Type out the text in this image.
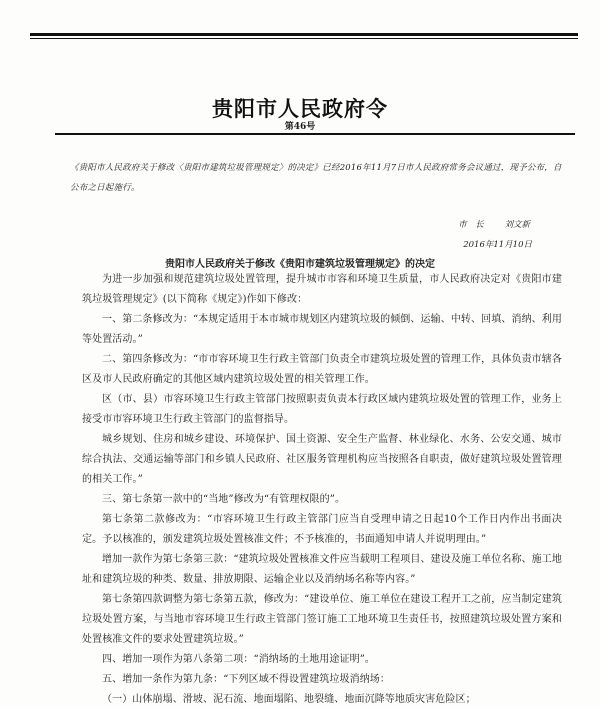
贵阳市人民政府令
第46号
《贵阳市人民政府关于修改〈贵阳市建筑垃圾管理规定〉的决定》已经2016年11月7日市人民政府常务会议通过，现予公布，自公布之日起施行。
市　长 刘文新
2016年11月10日
贵阳市人民政府关于修改《贵阳市建筑垃圾管理规定》的决定

为进一步加强和规范建筑垃圾处置管理，提升城市市容和环境卫生质量，市人民政府决定对《贵阳市建筑垃圾管理规定》(以下简称《规定》)作如下修改：

一、第二条修改为：“本规定适用于本市城市规划区内建筑垃圾的倾倒、运输、中转、回填、消纳、利用等处置活动。”

二、第四条修改为：“市市容环境卫生行政主管部门负责全市建筑垃圾处置的管理工作，具体负责市辖各区及市人民政府确定的其他区域内建筑垃圾处置的相关管理工作。

区（市、县）市容环境卫生行政主管部门按照职责负责本行政区域内建筑垃圾处置的管理工作，业务上接受市市容环境卫生行政主管部门的监督指导。

城乡规划、住房和城乡建设、环境保护、国土资源、安全生产监督、林业绿化、水务、公安交通、城市综合执法、交通运输等部门和乡镇人民政府、社区服务管理机构应当按照各自职责，做好建筑垃圾处置管理的相关工作。”

三、第七条第一款中的“当地”修改为“有管理权限的”。

第七条第二款修改为：“市容环境卫生行政主管部门应当自受理申请之日起10个工作日内作出书面决定。予以核准的，颁发建筑垃圾处置核准文件；不予核准的，书面通知申请人并说明理由。”

增加一款作为第七条第三款：“建筑垃圾处置核准文件应当载明工程项目、建设及施工单位名称、施工地址和建筑垃圾的种类、数量、排放期限、运输企业以及消纳场名称等内容。”

第七条第四款调整为第七条第五款，修改为：“建设单位、施工单位在建设工程开工之前，应当制定建筑垃圾处置方案，与当地市容环境卫生行政主管部门签订施工工地环境卫生责任书，按照建筑垃圾处置方案和处置核准文件的要求处置建筑垃圾。”

四、增加一项作为第八条第二项：“消纳场的土地用途证明”。

五、增加一条作为第九条：“下列区域不得设置建筑垃圾消纳场：

（一）山体崩塌、滑坡、泥石流、地面塌陷、地裂缝、地面沉降等地质灾害危险区；
